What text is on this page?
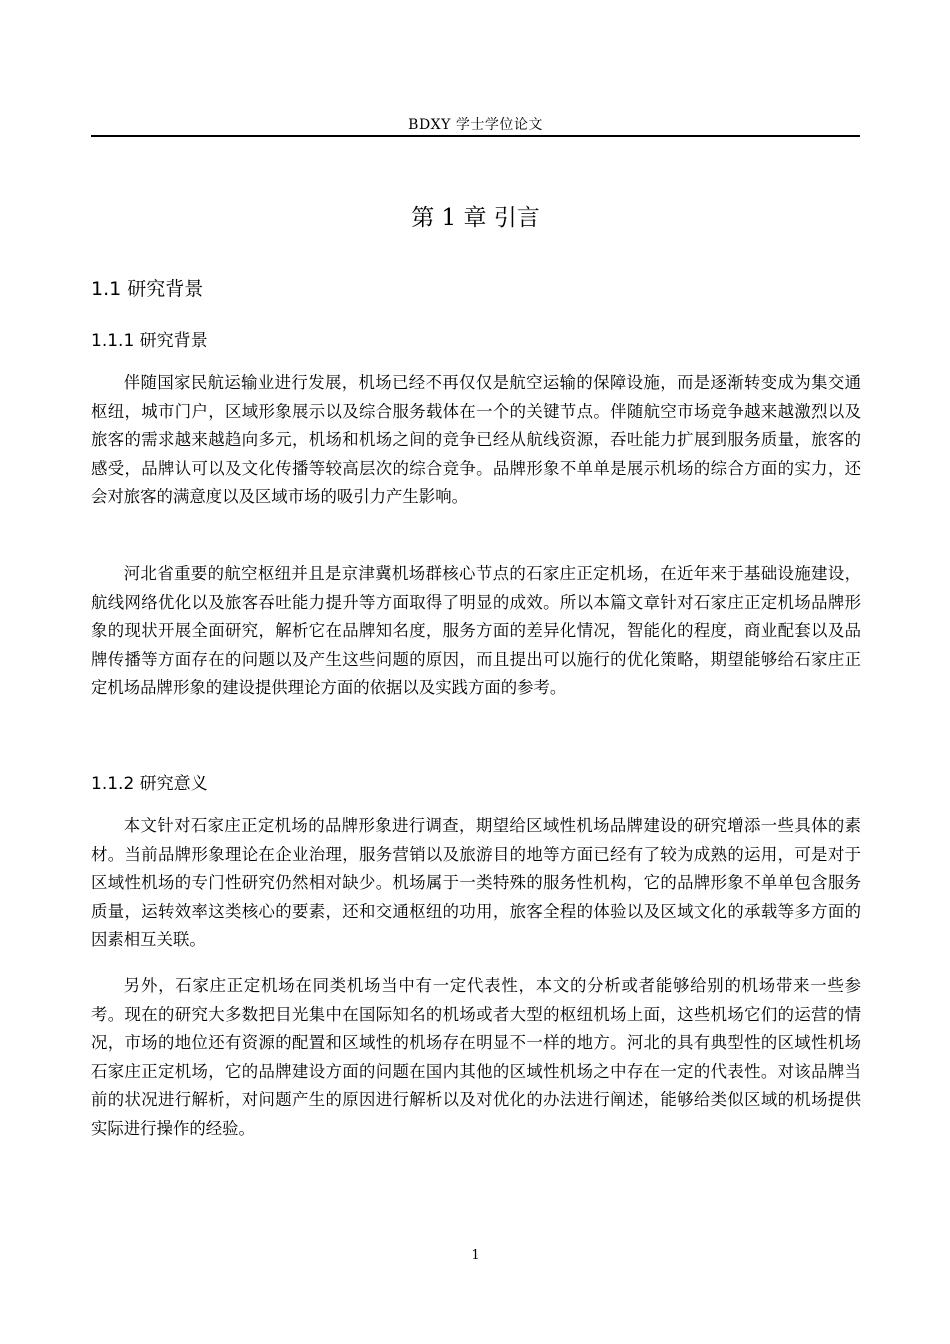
BDXY 学士学位论文
第 1 章 引言
1.1 研究背景
1.1.1 研究背景

伴随国家民航运输业进行发展，机场已经不再仅仅是航空运输的保障设施，而是逐渐转变成为集交通枢纽，城市门户，区域形象展示以及综合服务载体在一个的关键节点。伴随航空市场竞争越来越激烈以及旅客的需求越来越趋向多元，机场和机场之间的竞争已经从航线资源，吞吐能力扩展到服务质量，旅客的感受，品牌认可以及文化传播等较高层次的综合竞争。品牌形象不单单是展示机场的综合方面的实力，还会对旅客的满意度以及区域市场的吸引力产生影响。

河北省重要的航空枢纽并且是京津冀机场群核心节点的石家庄正定机场，在近年来于基础设施建设，航线网络优化以及旅客吞吐能力提升等方面取得了明显的成效。所以本篇文章针对石家庄正定机场品牌形象的现状开展全面研究，解析它在品牌知名度，服务方面的差异化情况，智能化的程度，商业配套以及品牌传播等方面存在的问题以及产生这些问题的原因，而且提出可以施行的优化策略，期望能够给石家庄正定机场品牌形象的建设提供理论方面的依据以及实践方面的参考。

1.1.2 研究意义

本文针对石家庄正定机场的品牌形象进行调查，期望给区域性机场品牌建设的研究增添一些具体的素材。当前品牌形象理论在企业治理，服务营销以及旅游目的地等方面已经有了较为成熟的运用，可是对于区域性机场的专门性研究仍然相对缺少。机场属于一类特殊的服务性机构，它的品牌形象不单单包含服务质量，运转效率这类核心的要素，还和交通枢纽的功用，旅客全程的体验以及区域文化的承载等多方面的因素相互关联。

另外，石家庄正定机场在同类机场当中有一定代表性，本文的分析或者能够给别的机场带来一些参考。现在的研究大多数把目光集中在国际知名的机场或者大型的枢纽机场上面，这些机场它们的运营的情况，市场的地位还有资源的配置和区域性的机场存在明显不一样的地方。河北的具有典型性的区域性机场石家庄正定机场，它的品牌建设方面的问题在国内其他的区域性机场之中存在一定的代表性。对该品牌当前的状况进行解析，对问题产生的原因进行解析以及对优化的办法进行阐述，能够给类似区域的机场提供实际进行操作的经验。

1
